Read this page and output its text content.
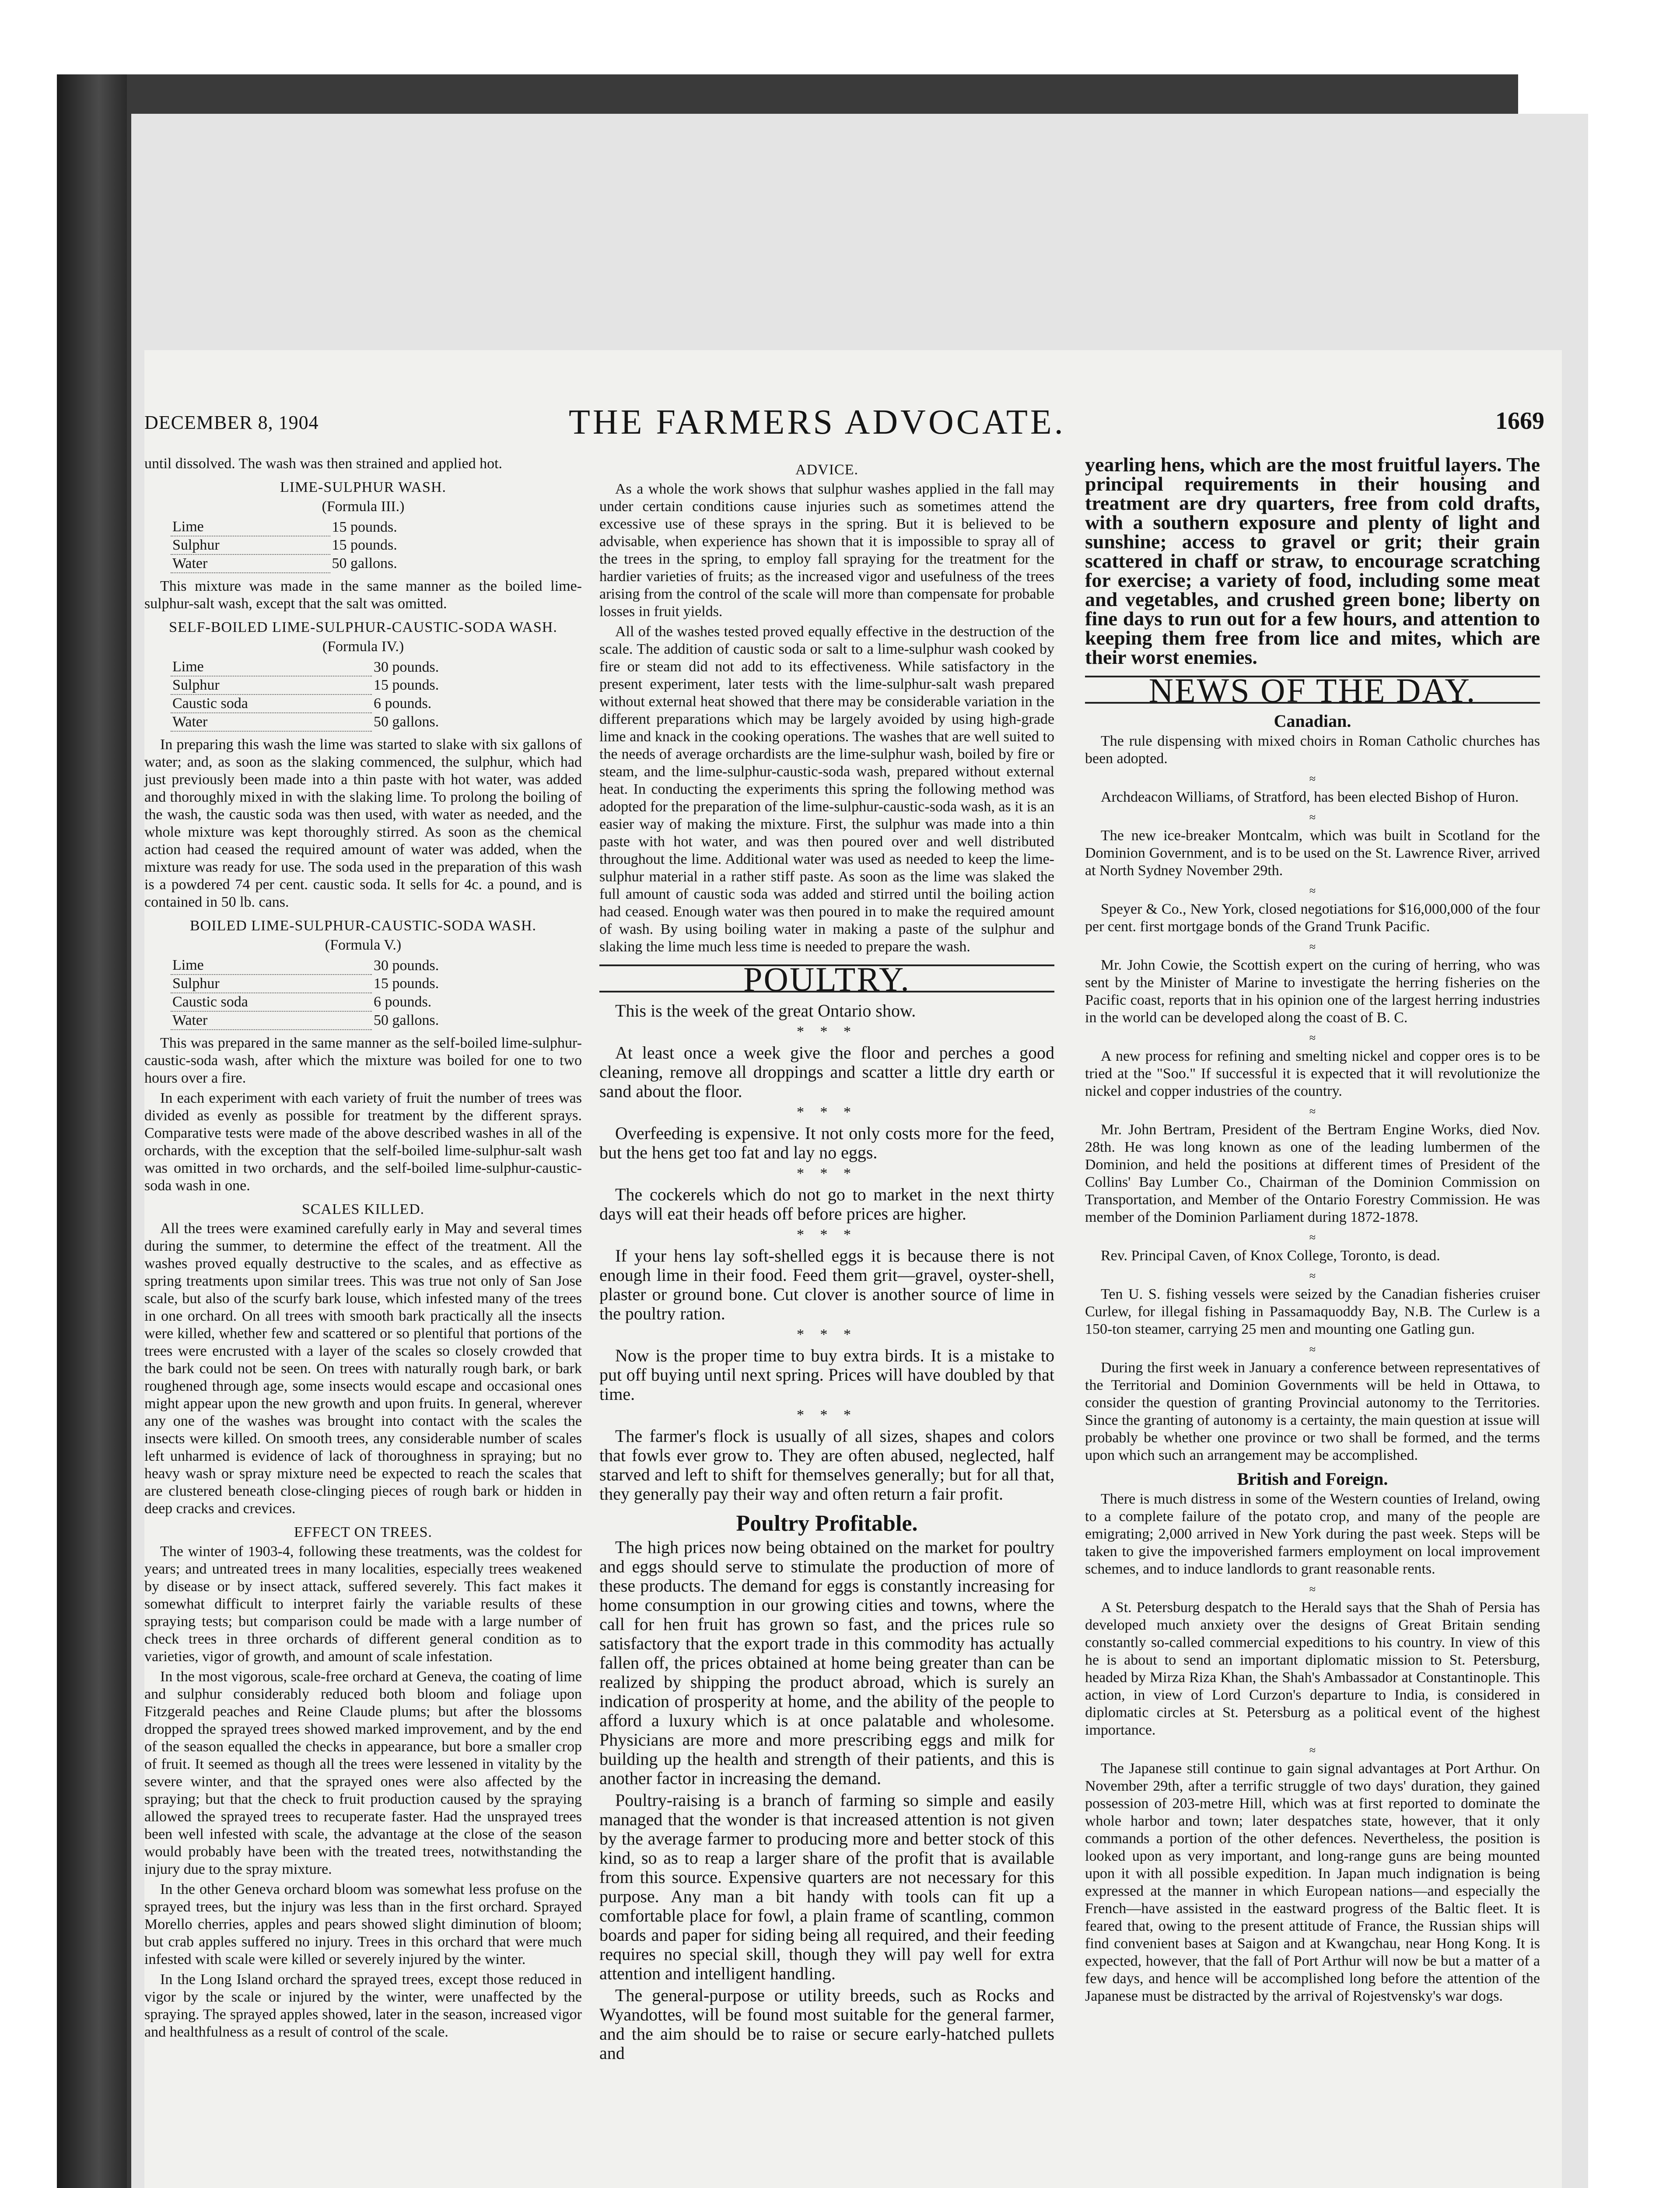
DECEMBER 8, 1904	THE FARMERS ADVOCATE.	1669

until dissolved. The wash was then strained and applied hot.

LIME-SULPHUR WASH.
(Formula III.)
Lime	15 pounds.
Sulphur	15 pounds.
Water	50 gallons.

This mixture was made in the same manner as the boiled lime-sulphur-salt wash, except that the salt was omitted.

SELF-BOILED LIME-SULPHUR-CAUSTIC-SODA WASH.
(Formula IV.)
Lime	30 pounds.
Sulphur	15 pounds.
Caustic soda	6 pounds.
Water	50 gallons.

In preparing this wash the lime was started to slake with six gallons of water; and, as soon as the slaking commenced, the sulphur, which had just previously been made into a thin paste with hot water, was added and thoroughly mixed in with the slaking lime. To prolong the boiling of the wash, the caustic soda was then used, with water as needed, and the whole mixture was kept thoroughly stirred. As soon as the chemical action had ceased the required amount of water was added, when the mixture was ready for use. The soda used in the preparation of this wash is a powdered 74 per cent. caustic soda. It sells for 4c. a pound, and is contained in 50 lb. cans.

BOILED LIME-SULPHUR-CAUSTIC-SODA WASH.
(Formula V.)
Lime	30 pounds.
Sulphur	15 pounds.
Caustic soda	6 pounds.
Water	50 gallons.

This was prepared in the same manner as the self-boiled lime-sulphur-caustic-soda wash, after which the mixture was boiled for one to two hours over a fire.

In each experiment with each variety of fruit the number of trees was divided as evenly as possible for treatment by the different sprays. Comparative tests were made of the above described washes in all of the orchards, with the exception that the self-boiled lime-sulphur-salt wash was omitted in two orchards, and the self-boiled lime-sulphur-caustic-soda wash in one.

SCALES KILLED.

All the trees were examined carefully early in May and several times during the summer, to determine the effect of the treatment. All the washes proved equally destructive to the scales, and as effective as spring treatments upon similar trees. This was true not only of San Jose scale, but also of the scurfy bark louse, which infested many of the trees in one orchard. On all trees with smooth bark practically all the insects were killed, whether few and scattered or so plentiful that portions of the trees were encrusted with a layer of the scales so closely crowded that the bark could not be seen. On trees with naturally rough bark, or bark roughened through age, some insects would escape and occasional ones might appear upon the new growth and upon fruits. In general, wherever any one of the washes was brought into contact with the scales the insects were killed. On smooth trees, any considerable number of scales left unharmed is evidence of lack of thoroughness in spraying; but no heavy wash or spray mixture need be expected to reach the scales that are clustered beneath close-clinging pieces of rough bark or hidden in deep cracks and crevices.

EFFECT ON TREES.

The winter of 1903-4, following these treatments, was the coldest for years; and untreated trees in many localities, especially trees weakened by disease or by insect attack, suffered severely. This fact makes it somewhat difficult to interpret fairly the variable results of these spraying tests; but comparison could be made with a large number of check trees in three orchards of different general condition as to varieties, vigor of growth, and amount of scale infestation.

In the most vigorous, scale-free orchard at Geneva, the coating of lime and sulphur considerably reduced both bloom and foliage upon Fitzgerald peaches and Reine Claude plums; but after the blossoms dropped the sprayed trees showed marked improvement, and by the end of the season equalled the checks in appearance, but bore a smaller crop of fruit. It seemed as though all the trees were lessened in vitality by the severe winter, and that the sprayed ones were also affected by the spraying; but that the check to fruit production caused by the spraying allowed the sprayed trees to recuperate faster. Had the unsprayed trees been well infested with scale, the advantage at the close of the season would probably have been with the treated trees, notwithstanding the injury due to the spray mixture.

In the other Geneva orchard bloom was somewhat less profuse on the sprayed trees, but the injury was less than in the first orchard. Sprayed Morello cherries, apples and pears showed slight diminution of bloom; but crab apples suffered no injury. Trees in this orchard that were much infested with scale were killed or severely injured by the winter.

In the Long Island orchard the sprayed trees, except those reduced in vigor by the scale or injured by the winter, were unaffected by the spraying. The sprayed apples showed, later in the season, increased vigor and healthfulness as a result of control of the scale.

ADVICE.

As a whole the work shows that sulphur washes applied in the fall may under certain conditions cause injuries such as sometimes attend the excessive use of these sprays in the spring. But it is believed to be advisable, when experience has shown that it is impossible to spray all of the trees in the spring, to employ fall spraying for the treatment for the hardier varieties of fruits; as the increased vigor and usefulness of the trees arising from the control of the scale will more than compensate for probable losses in fruit yields.

All of the washes tested proved equally effective in the destruction of the scale. The addition of caustic soda or salt to a lime-sulphur wash cooked by fire or steam did not add to its effectiveness. While satisfactory in the present experiment, later tests with the lime-sulphur-salt wash prepared without external heat showed that there may be considerable variation in the different preparations which may be largely avoided by using high-grade lime and knack in the cooking operations. The washes that are well suited to the needs of average orchardists are the lime-sulphur wash, boiled by fire or steam, and the lime-sulphur-caustic-soda wash, prepared without external heat. In conducting the experiments this spring the following method was adopted for the preparation of the lime-sulphur-caustic-soda wash, as it is an easier way of making the mixture. First, the sulphur was made into a thin paste with hot water, and was then poured over and well distributed throughout the lime. Additional water was used as needed to keep the lime-sulphur material in a rather stiff paste. As soon as the lime was slaked the full amount of caustic soda was added and stirred until the boiling action had ceased. Enough water was then poured in to make the required amount of wash. By using boiling water in making a paste of the sulphur and slaking the lime much less time is needed to prepare the wash.

POULTRY.

This is the week of the great Ontario show.

* * *

At least once a week give the floor and perches a good cleaning, remove all droppings and scatter a little dry earth or sand about the floor.

* * *

Overfeeding is expensive. It not only costs more for the feed, but the hens get too fat and lay no eggs.

* * *

The cockerels which do not go to market in the next thirty days will eat their heads off before prices are higher.

* * *

If your hens lay soft-shelled eggs it is because there is not enough lime in their food. Feed them grit—gravel, oyster-shell, plaster or ground bone. Cut clover is another source of lime in the poultry ration.

* * *

Now is the proper time to buy extra birds. It is a mistake to put off buying until next spring. Prices will have doubled by that time.

* * *

The farmer's flock is usually of all sizes, shapes and colors that fowls ever grow to. They are often abused, neglected, half starved and left to shift for themselves generally; but for all that, they generally pay their way and often return a fair profit.

Poultry Profitable.

The high prices now being obtained on the market for poultry and eggs should serve to stimulate the production of more of these products. The demand for eggs is constantly increasing for home consumption in our growing cities and towns, where the call for hen fruit has grown so fast, and the prices rule so satisfactory that the export trade in this commodity has actually fallen off, the prices obtained at home being greater than can be realized by shipping the product abroad, which is surely an indication of prosperity at home, and the ability of the people to afford a luxury which is at once palatable and wholesome. Physicians are more and more prescribing eggs and milk for building up the health and strength of their patients, and this is another factor in increasing the demand.

Poultry-raising is a branch of farming so simple and easily managed that the wonder is that increased attention is not given by the average farmer to producing more and better stock of this kind, so as to reap a larger share of the profit that is available from this source. Expensive quarters are not necessary for this purpose. Any man a bit handy with tools can fit up a comfortable place for fowl, a plain frame of scantling, common boards and paper for siding being all required, and their feeding requires no special skill, though they will pay well for extra attention and intelligent handling.

The general-purpose or utility breeds, such as Rocks and Wyandottes, will be found most suitable for the general farmer, and the aim should be to raise or secure early-hatched pullets and

yearling hens, which are the most fruitful layers. The principal requirements in their housing and treatment are dry quarters, free from cold drafts, with a southern exposure and plenty of light and sunshine; access to gravel or grit; their grain scattered in chaff or straw, to encourage scratching for exercise; a variety of food, including some meat and vegetables, and crushed green bone; liberty on fine days to run out for a few hours, and attention to keeping them free from lice and mites, which are their worst enemies.

NEWS OF THE DAY.
Canadian.

The rule dispensing with mixed choirs in Roman Catholic churches has been adopted.

≈

Archdeacon Williams, of Stratford, has been elected Bishop of Huron.

≈

The new ice-breaker Montcalm, which was built in Scotland for the Dominion Government, and is to be used on the St. Lawrence River, arrived at North Sydney November 29th.

≈

Speyer & Co., New York, closed negotiations for $16,000,000 of the four per cent. first mortgage bonds of the Grand Trunk Pacific.

≈

Mr. John Cowie, the Scottish expert on the curing of herring, who was sent by the Minister of Marine to investigate the herring fisheries on the Pacific coast, reports that in his opinion one of the largest herring industries in the world can be developed along the coast of B. C.

≈

A new process for refining and smelting nickel and copper ores is to be tried at the "Soo." If successful it is expected that it will revolutionize the nickel and copper industries of the country.

≈

Mr. John Bertram, President of the Bertram Engine Works, died Nov. 28th. He was long known as one of the leading lumbermen of the Dominion, and held the positions at different times of President of the Collins' Bay Lumber Co., Chairman of the Dominion Commission on Transportation, and Member of the Ontario Forestry Commission. He was member of the Dominion Parliament during 1872-1878.

≈

Rev. Principal Caven, of Knox College, Toronto, is dead.

≈

Ten U. S. fishing vessels were seized by the Canadian fisheries cruiser Curlew, for illegal fishing in Passamaquoddy Bay, N.B. The Curlew is a 150-ton steamer, carrying 25 men and mounting one Gatling gun.

≈

During the first week in January a conference between representatives of the Territorial and Dominion Governments will be held in Ottawa, to consider the question of granting Provincial autonomy to the Territories. Since the granting of autonomy is a certainty, the main question at issue will probably be whether one province or two shall be formed, and the terms upon which such an arrangement may be accomplished.

British and Foreign.

There is much distress in some of the Western counties of Ireland, owing to a complete failure of the potato crop, and many of the people are emigrating; 2,000 arrived in New York during the past week. Steps will be taken to give the impoverished farmers employment on local improvement schemes, and to induce landlords to grant reasonable rents.

≈

A St. Petersburg despatch to the Herald says that the Shah of Persia has developed much anxiety over the designs of Great Britain sending constantly so-called commercial expeditions to his country. In view of this he is about to send an important diplomatic mission to St. Petersburg, headed by Mirza Riza Khan, the Shah's Ambassador at Constantinople. This action, in view of Lord Curzon's departure to India, is considered in diplomatic circles at St. Petersburg as a political event of the highest importance.

≈

The Japanese still continue to gain signal advantages at Port Arthur. On November 29th, after a terrific struggle of two days' duration, they gained possession of 203-metre Hill, which was at first reported to dominate the whole harbor and town; later despatches state, however, that it only commands a portion of the other defences. Nevertheless, the position is looked upon as very important, and long-range guns are being mounted upon it with all possible expedition. In Japan much indignation is being expressed at the manner in which European nations—and especially the French—have assisted in the eastward progress of the Baltic fleet. It is feared that, owing to the present attitude of France, the Russian ships will find convenient bases at Saigon and at Kwangchau, near Hong Kong. It is expected, however, that the fall of Port Arthur will now be but a matter of a few days, and hence will be accomplished long before the attention of the Japanese must be distracted by the arrival of Rojestvensky's war dogs.
